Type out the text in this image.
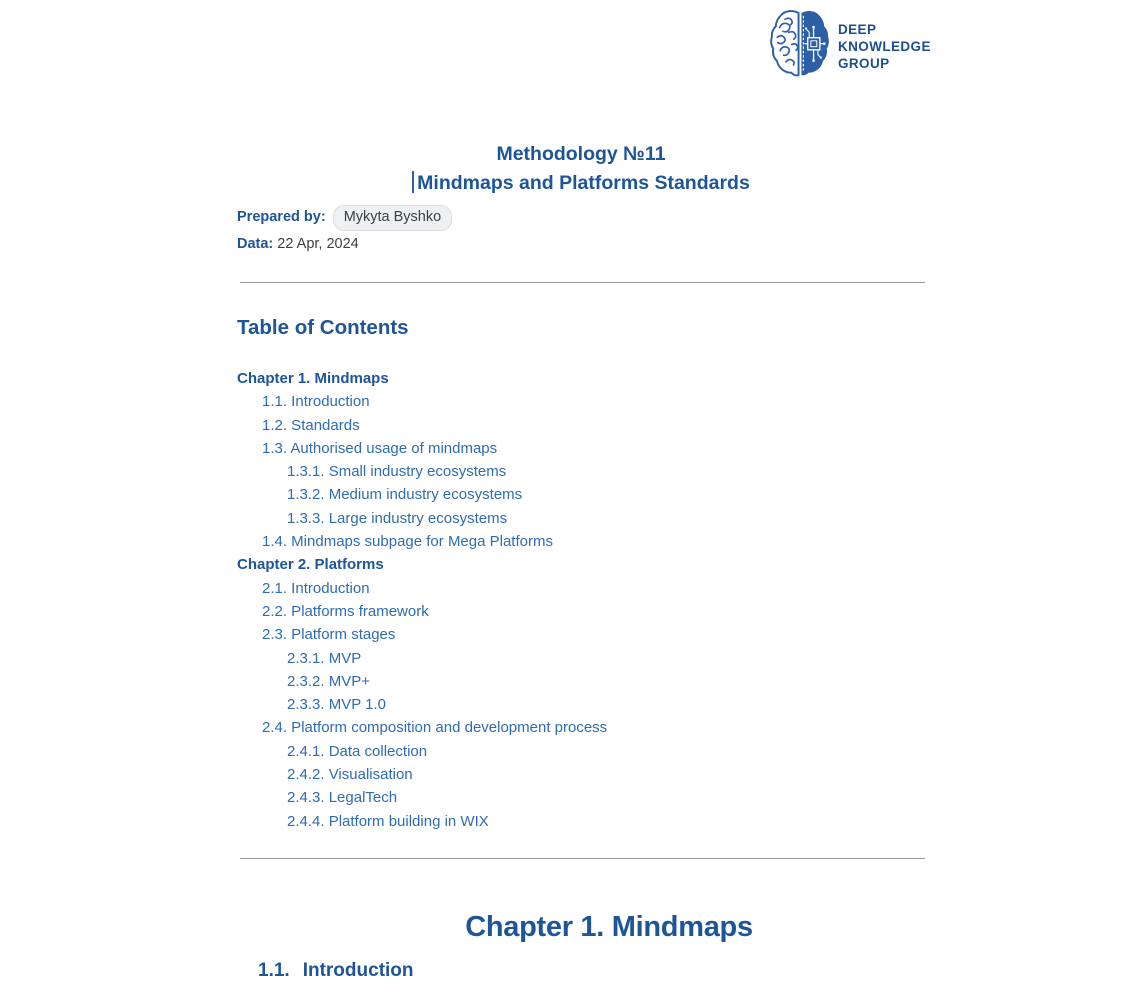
DEEP
KNOWLEDGE
GROUP
Methodology №11
Mindmaps and Platforms Standards
Prepared by: Mykyta Byshko
Data: 22 Apr, 2024
Table of Contents
Chapter 1. Mindmaps
1.1. Introduction
1.2. Standards
1.3. Authorised usage of mindmaps
1.3.1. Small industry ecosystems
1.3.2. Medium industry ecosystems
1.3.3. Large industry ecosystems
1.4. Mindmaps subpage for Mega Platforms
Chapter 2. Platforms
2.1. Introduction
2.2. Platforms framework
2.3. Platform stages
2.3.1. MVP
2.3.2. MVP+
2.3.3. MVP 1.0
2.4. Platform composition and development process
2.4.1. Data collection
2.4.2. Visualisation
2.4.3. LegalTech
2.4.4. Platform building in WIX
Chapter 1. Mindmaps
1.1. Introduction
